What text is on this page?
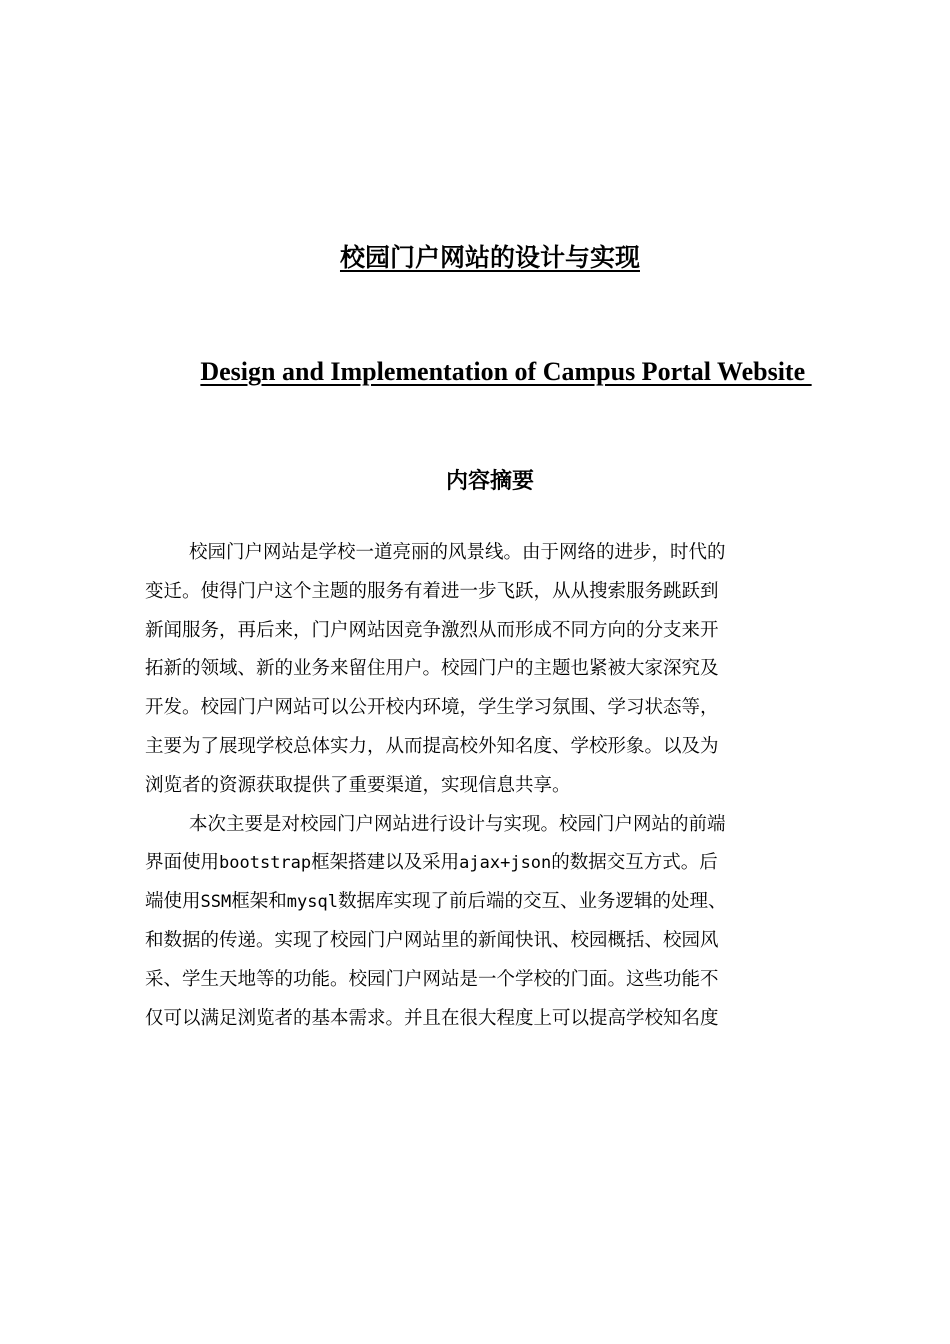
校园门户网站的设计与实现

Design and Implementation of Campus Portal Website

内容摘要
校园门户网站是学校一道亮丽的风景线。由于网络的进步，时代的
变迁。使得门户这个主题的服务有着进一步飞跃，从从搜索服务跳跃到
新闻服务，再后来，门户网站因竞争激烈从而形成不同方向的分支来开
拓新的领域、新的业务来留住用户。校园门户的主题也紧被大家深究及
开发。校园门户网站可以公开校内环境，学生学习氛围、学习状态等，
主要为了展现学校总体实力，从而提高校外知名度、学校形象。以及为
浏览者的资源获取提供了重要渠道，实现信息共享。
本次主要是对校园门户网站进行设计与实现。校园门户网站的前端
界面使用bootstrap框架搭建以及采用ajax+json的数据交互方式。后
端使用SSM框架和mysql数据库实现了前后端的交互、业务逻辑的处理、
和数据的传递。实现了校园门户网站里的新闻快讯、校园概括、校园风
采、学生天地等的功能。校园门户网站是一个学校的门面。这些功能不
仅可以满足浏览者的基本需求。并且在很大程度上可以提高学校知名度
